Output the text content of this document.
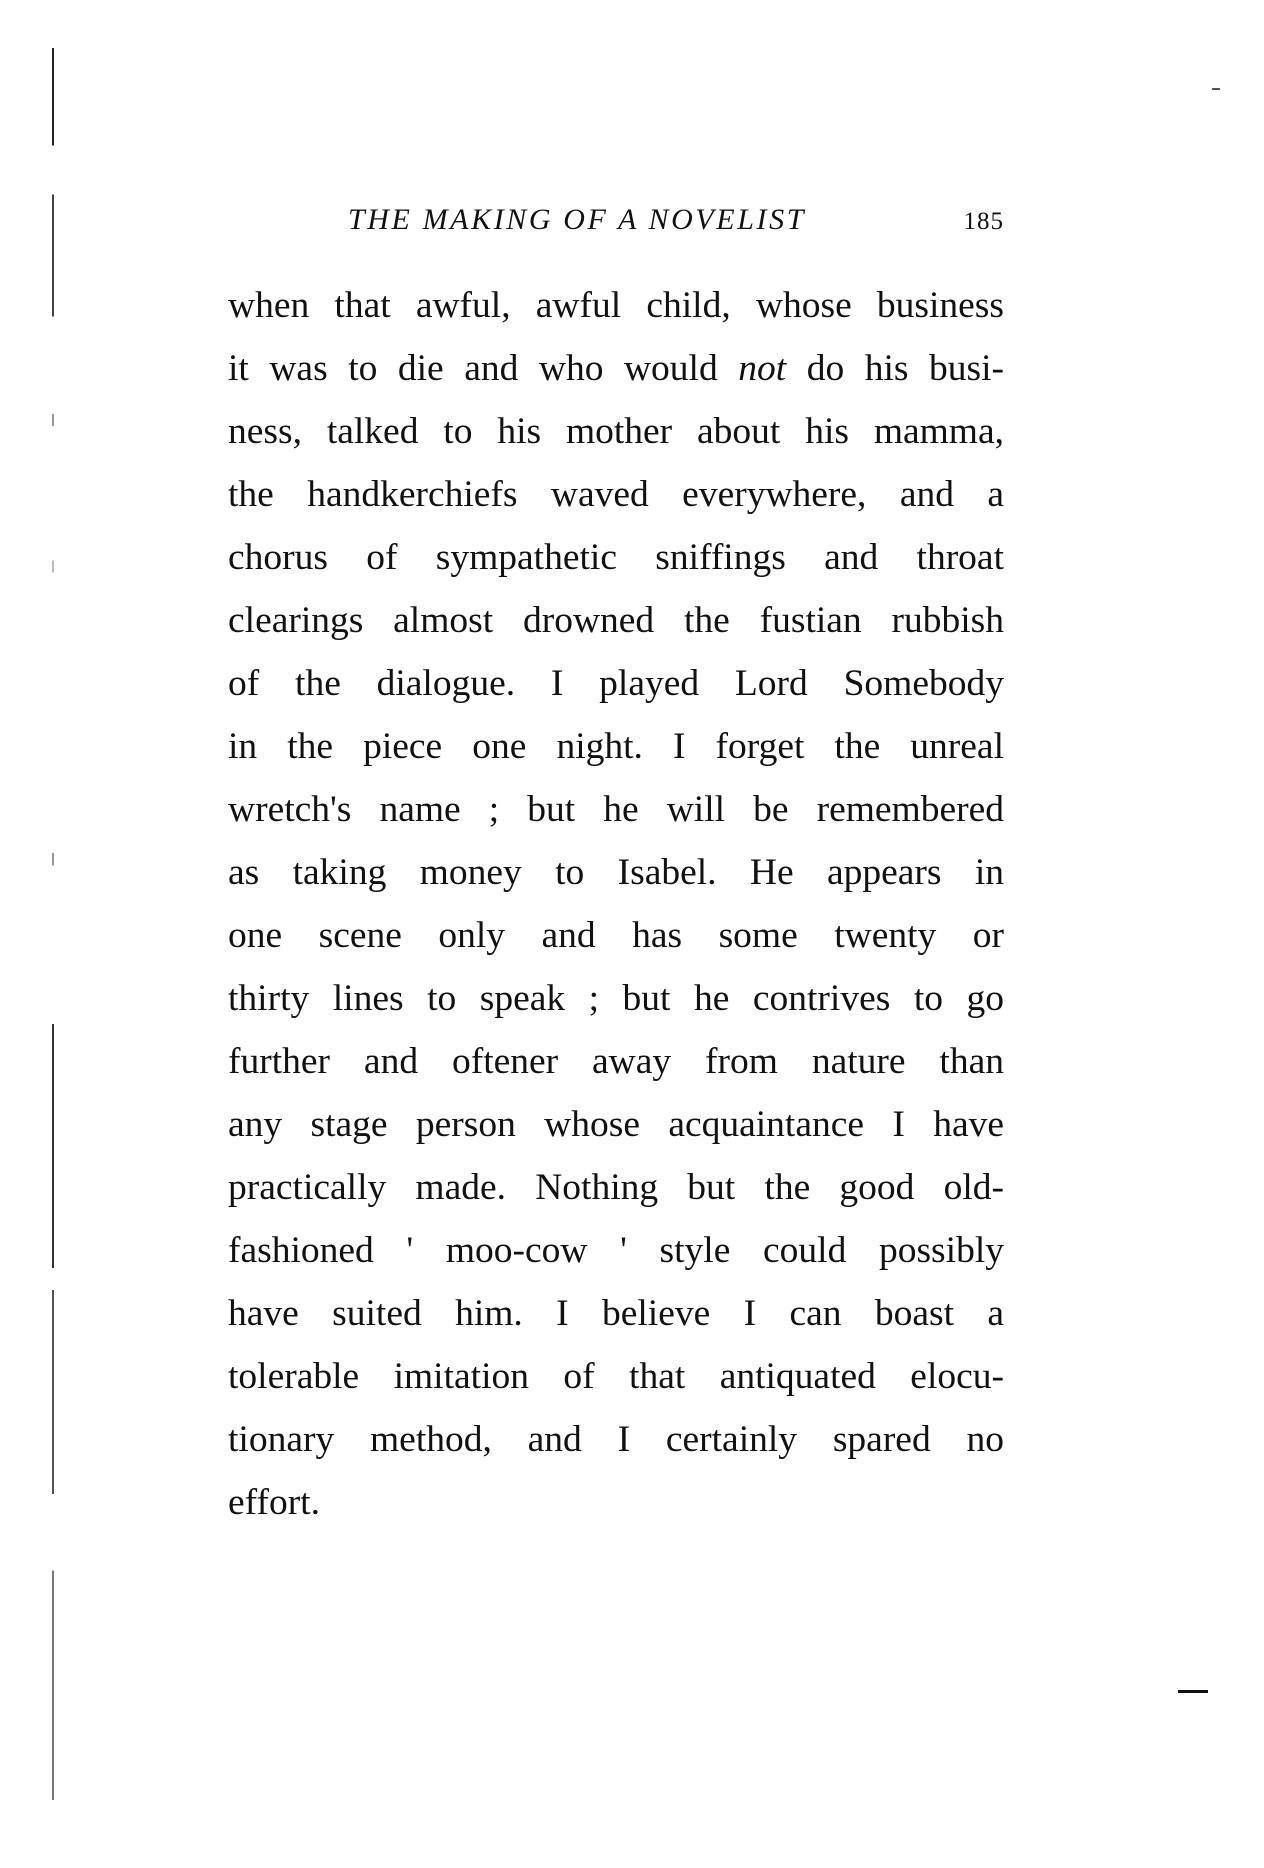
THE MAKING OF A NOVELIST	185
when that awful, awful child, whose business
it was to die and who would not do his busi-
ness, talked to his mother about his mamma,
the handkerchiefs waved everywhere, and a
chorus of sympathetic sniffings and throat
clearings almost drowned the fustian rubbish
of the dialogue. I played Lord Somebody
in the piece one night. I forget the unreal
wretch's name ; but he will be remembered
as taking money to Isabel. He appears in
one scene only and has some twenty or
thirty lines to speak ; but he contrives to go
further and oftener away from nature than
any stage person whose acquaintance I have
practically made. Nothing but the good old-
fashioned ' moo-cow ' style could possibly
have suited him. I believe I can boast a
tolerable imitation of that antiquated elocu-
tionary method, and I certainly spared no
effort.
